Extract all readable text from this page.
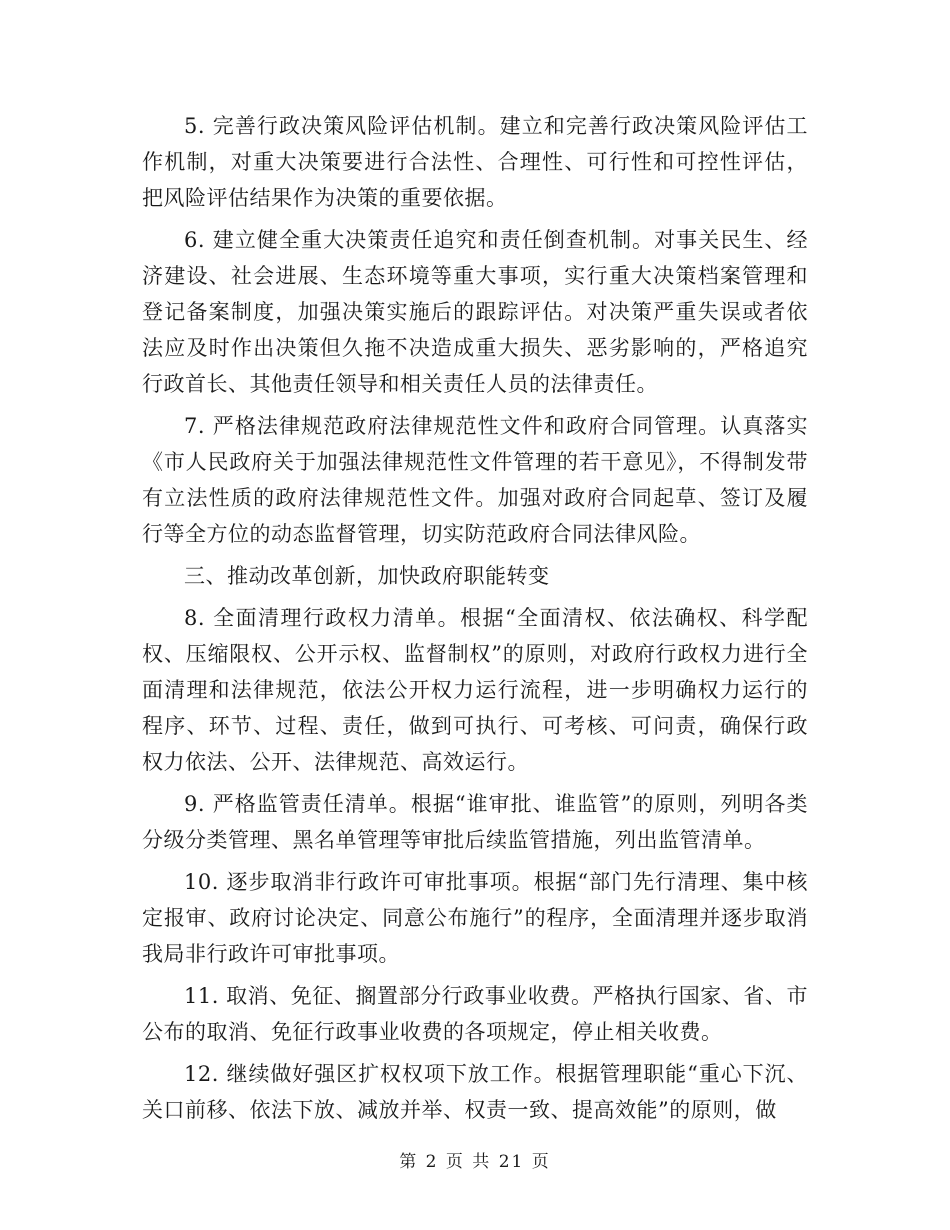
5. 完善行政决策风险评估机制。建立和完善行政决策风险评估工作机制，对重大决策要进行合法性、合理性、可行性和可控性评估，把风险评估结果作为决策的重要依据。

6. 建立健全重大决策责任追究和责任倒查机制。对事关民生、经济建设、社会进展、生态环境等重大事项，实行重大决策档案管理和登记备案制度，加强决策实施后的跟踪评估。对决策严重失误或者依法应及时作出决策但久拖不决造成重大损失、恶劣影响的，严格追究行政首长、其他责任领导和相关责任人员的法律责任。

7. 严格法律规范政府法律规范性文件和政府合同管理。认真落实《市人民政府关于加强法律规范性文件管理的若干意见》，不得制发带有立法性质的政府法律规范性文件。加强对政府合同起草、签订及履行等全方位的动态监督管理，切实防范政府合同法律风险。

三、推动改革创新，加快政府职能转变

8. 全面清理行政权力清单。根据“全面清权、依法确权、科学配权、压缩限权、公开示权、监督制权”的原则，对政府行政权力进行全面清理和法律规范，依法公开权力运行流程，进一步明确权力运行的程序、环节、过程、责任，做到可执行、可考核、可问责，确保行政权力依法、公开、法律规范、高效运行。

9. 严格监管责任清单。根据“谁审批、谁监管”的原则，列明各类分级分类管理、黑名单管理等审批后续监管措施，列出监管清单。

10. 逐步取消非行政许可审批事项。根据“部门先行清理、集中核定报审、政府讨论决定、同意公布施行”的程序，全面清理并逐步取消我局非行政许可审批事项。

11. 取消、免征、搁置部分行政事业收费。严格执行国家、省、市公布的取消、免征行政事业收费的各项规定，停止相关收费。

12. 继续做好强区扩权权项下放工作。根据管理职能“重心下沉、关口前移、依法下放、减放并举、权责一致、提高效能”的原则，做

第 2 页 共 21 页
